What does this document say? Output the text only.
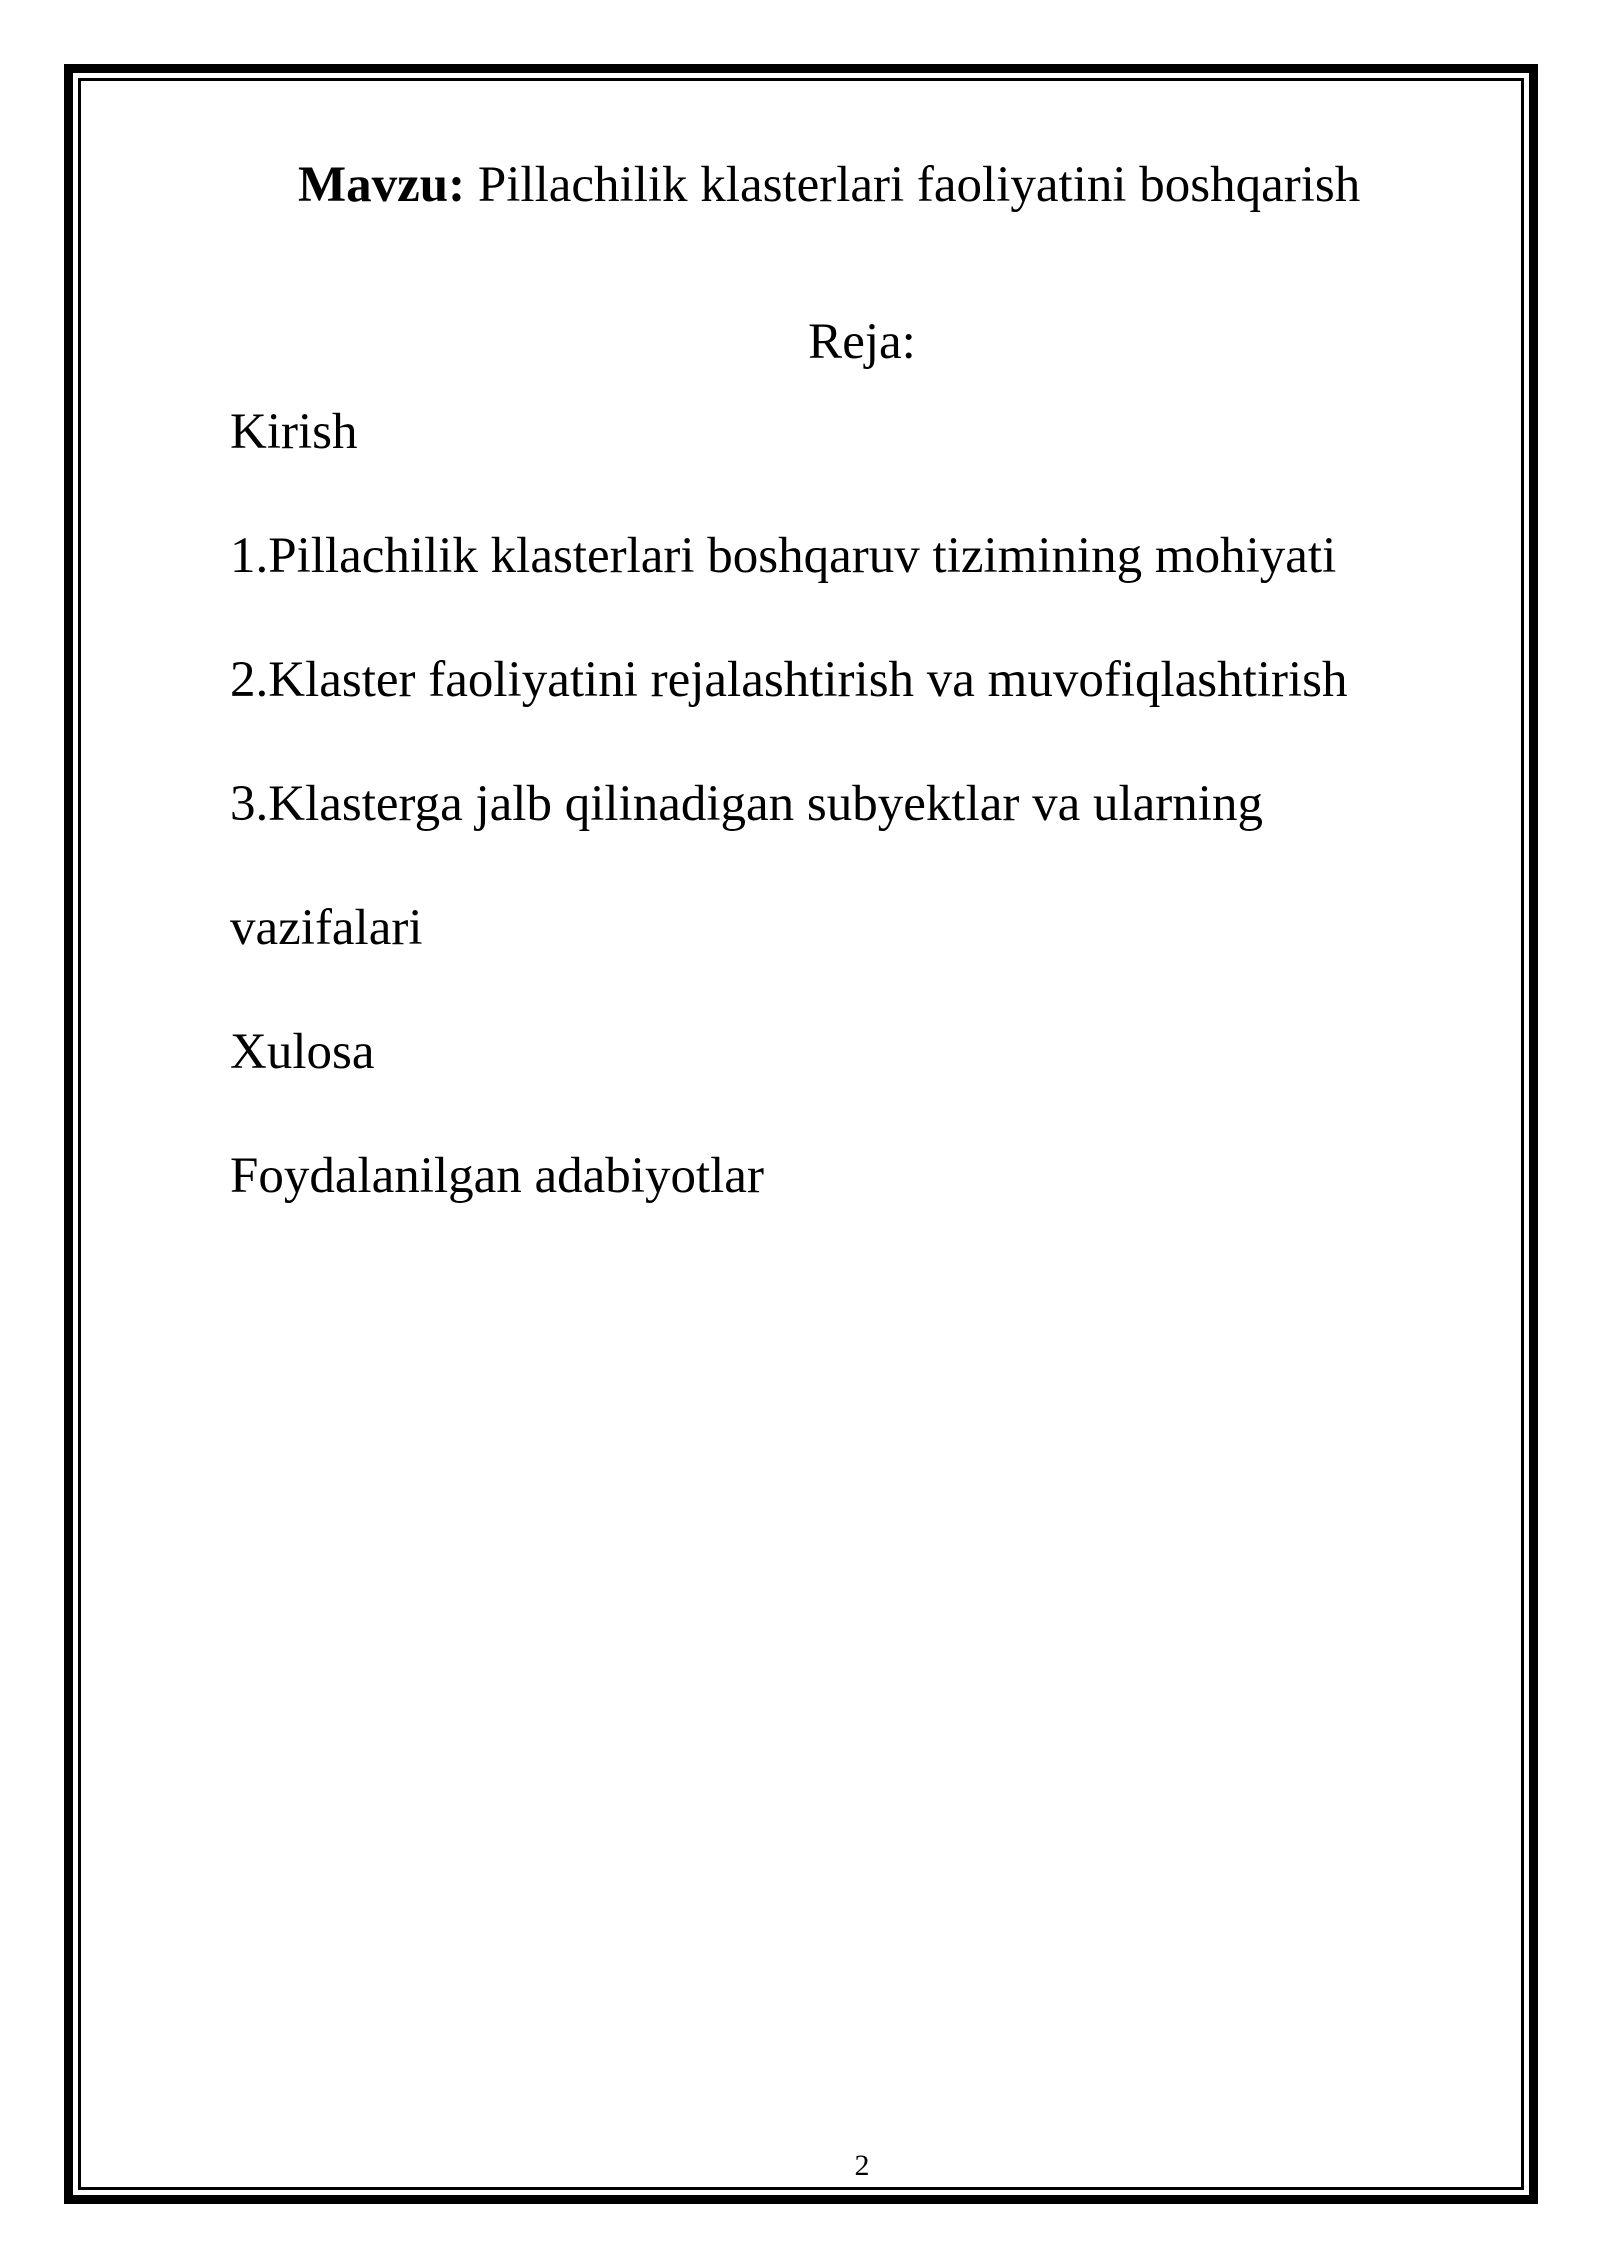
Mavzu: Pillachilik klasterlari faoliyatini boshqarish
Reja:
Kirish
1.Pillachilik klasterlari boshqaruv tizimining mohiyati
2.Klaster faoliyatini rejalashtirish va muvofiqlashtirish
3.Klasterga jalb qilinadigan subyektlar va ularning
vazifalari
Xulosa
Foydalanilgan adabiyotlar
2
